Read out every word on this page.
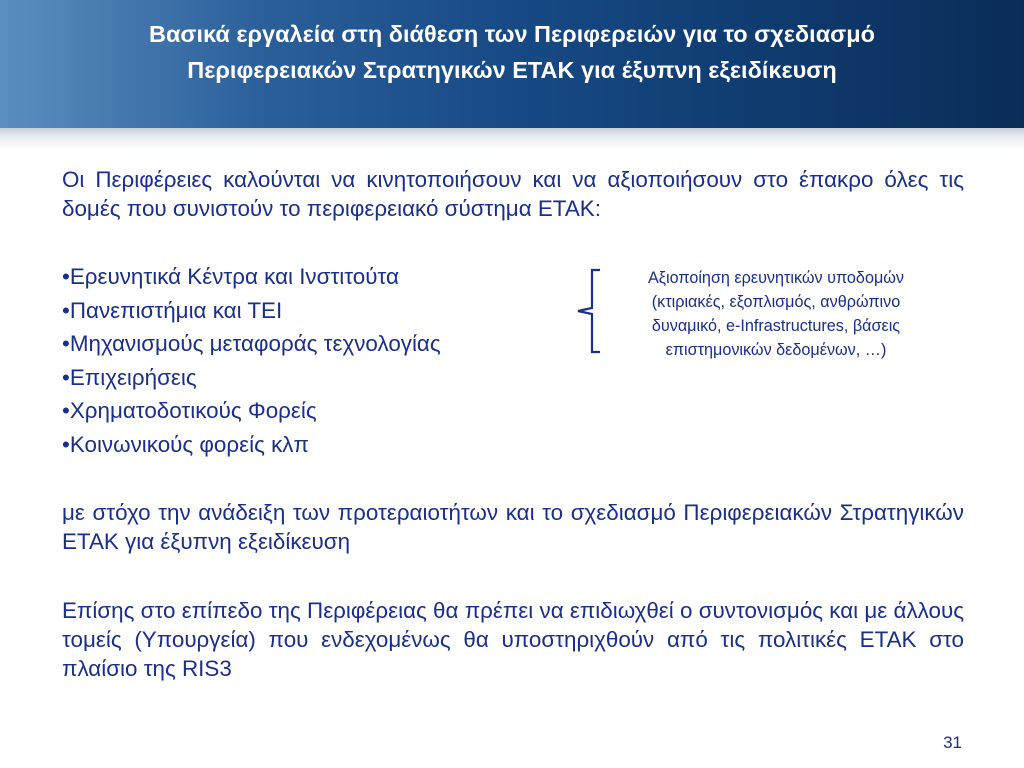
Βασικά εργαλεία στη διάθεση των Περιφερειών για το σχεδιασμό
Περιφερειακών Στρατηγικών ΕΤΑΚ για έξυπνη εξειδίκευση
Οι Περιφέρειες καλούνται να κινητοποιήσουν και να αξιοποιήσουν στο έπακρο όλες τις δομές που συνιστούν το περιφερειακό σύστημα ΕΤΑΚ:
•Ερευνητικά Κέντρα και Ινστιτούτα
•Πανεπιστήμια και ΤΕΙ
•Μηχανισμούς μεταφοράς τεχνολογίας
•Επιχειρήσεις
•Χρηματοδοτικούς Φορείς
•Κοινωνικούς φορείς κλπ
Αξιοποίηση ερευνητικών υποδομών
(κτιριακές, εξοπλισμός, ανθρώπινο
δυναμικό, e-Infrastructures, βάσεις
επιστημονικών δεδομένων, …)
με στόχο την ανάδειξη των προτεραιοτήτων και το σχεδιασμό Περιφερειακών Στρατηγικών ΕΤΑΚ για έξυπνη εξειδίκευση
Επίσης στο επίπεδο της Περιφέρειας θα πρέπει να επιδιωχθεί ο συντονισμός και με άλλους τομείς (Υπουργεία) που ενδεχομένως θα υποστηριχθούν από τις πολιτικές ΕΤΑΚ στο πλαίσιο της RIS3
31
